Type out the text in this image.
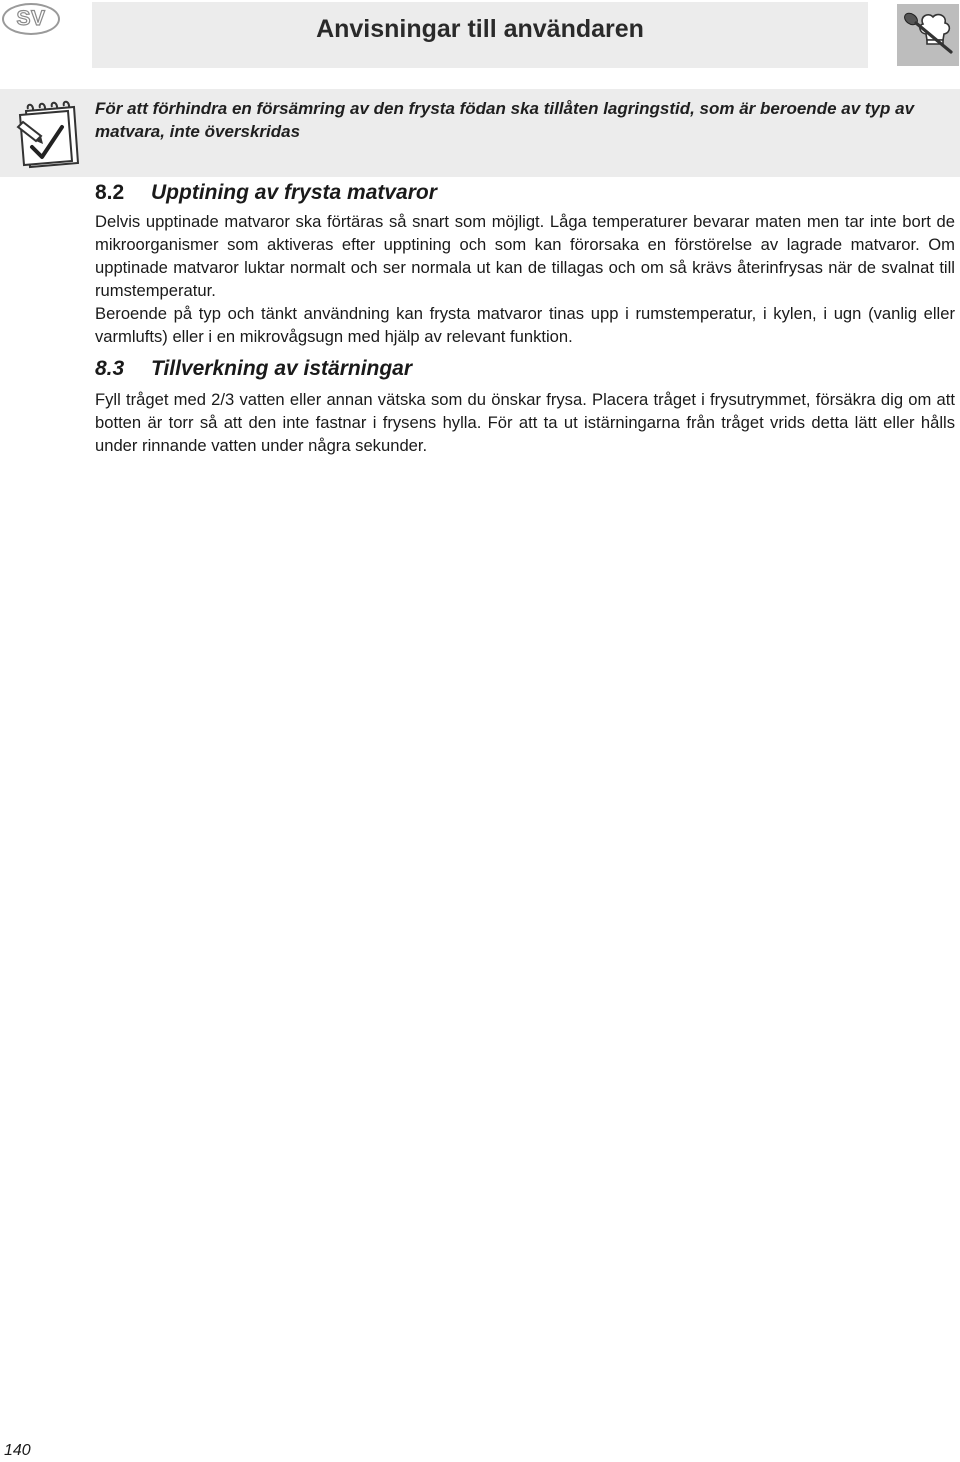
SV	Anvisningar till användaren

För att förhindra en försämring av den frysta födan ska tillåten lagringstid, som är beroende av typ av matvara, inte överskridas

8.2	Upptining av frysta matvaror

Delvis upptinade matvaror ska förtäras så snart som möjligt. Låga temperaturer bevarar maten men tar inte bort de mikroorganismer som aktiveras efter upptining och som kan förorsaka en förstörelse av lagrade matvaror. Om upptinade matvaror luktar normalt och ser normala ut kan de tillagas och om så krävs återinfrysas när de svalnat till rumstemperatur.

Beroende på typ och tänkt användning kan frysta matvaror tinas upp i rumstemperatur, i kylen, i ugn (vanlig eller varmlufts) eller i en mikrovågsugn med hjälp av relevant funktion.

8.3	Tillverkning av istärningar

Fyll tråget med 2/3 vatten eller annan vätska som du önskar frysa. Placera tråget i frysutrymmet, försäkra dig om att botten är torr så att den inte fastnar i frysens hylla. För att ta ut istärningarna från tråget vrids detta lätt eller hålls under rinnande vatten under några sekunder.

140
